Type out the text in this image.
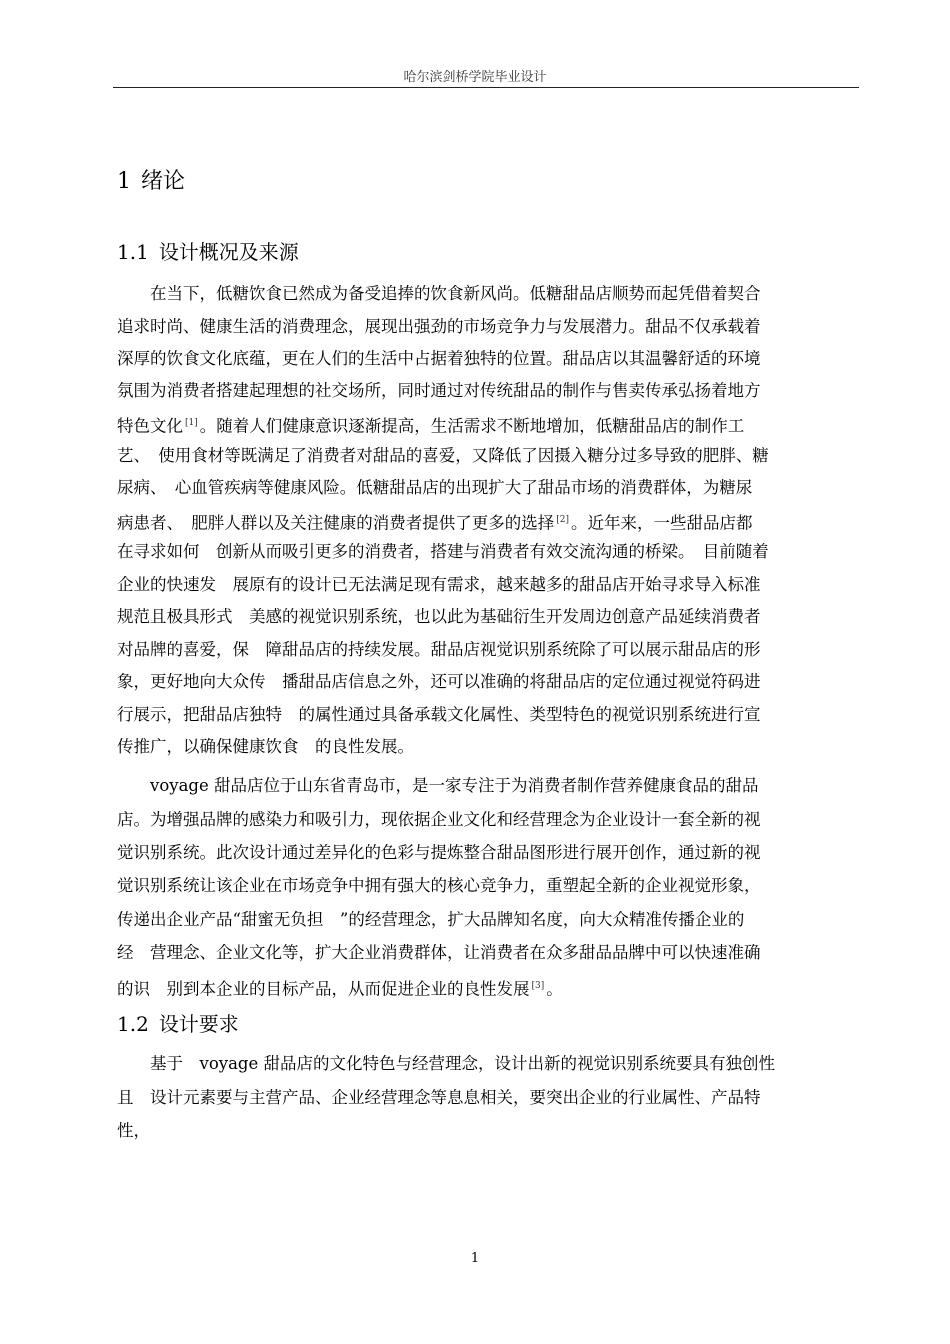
哈尔滨剑桥学院毕业设计
1 绪论
1.1 设计概况及来源
　　在当下，低糖饮食已然成为备受追捧的饮食新风尚。低糖甜品店顺势而起凭借着契合
追求时尚、健康生活的消费理念，展现出强劲的市场竞争力与发展潜力。甜品不仅承载着
深厚的饮食文化底蕴，更在人们的生活中占据着独特的位置。甜品店以其温馨舒适的环境
氛围为消费者搭建起理想的社交场所，同时通过对传统甜品的制作与售卖传承弘扬着地方
特色文化 [1] 。随着人们健康意识逐渐提高，生活需求不断地增加，低糖甜品店的制作工
艺、　使用食材等既满足了消费者对甜品的喜爱，又降低了因摄入糖分过多导致的肥胖、糖
尿病、　心血管疾病等健康风险。低糖甜品店的出现扩大了甜品市场的消费群体，为糖尿
病患者、　肥胖人群以及关注健康的消费者提供了更多的选择 [2] 。近年来，一些甜品店都
在寻求如何　创新从而吸引更多的消费者，搭建与消费者有效交流沟通的桥梁。　目前随着
企业的快速发　展原有的设计已无法满足现有需求，越来越多的甜品店开始寻求导入标准
规范且极具形式　美感的视觉识别系统，也以此为基础衍生开发周边创意产品延续消费者
对品牌的喜爱，保　障甜品店的持续发展。甜品店视觉识别系统除了可以展示甜品店的形
象，更好地向大众传　播甜品店信息之外，还可以准确的将甜品店的定位通过视觉符码进
行展示，把甜品店独特　的属性通过具备承载文化属性、类型特色的视觉识别系统进行宣
传推广，以确保健康饮食　的良性发展。
　　voyage 甜品店位于山东省青岛市，是一家专注于为消费者制作营养健康食品的甜品
店。为增强品牌的感染力和吸引力，现依据企业文化和经营理念为企业设计一套全新的视
觉识别系统。此次设计通过差异化的色彩与提炼整合甜品图形进行展开创作，通过新的视
觉识别系统让该企业在市场竞争中拥有强大的核心竞争力，重塑起全新的企业视觉形象，
传递出企业产品“甜蜜无负担　”的经营理念，扩大品牌知名度，向大众精准传播企业的
经　营理念、企业文化等，扩大企业消费群体，让消费者在众多甜品品牌中可以快速准确
的识　别到本企业的目标产品，从而促进企业的良性发展 [3] 。
1.2 设计要求
　　基于　voyage 甜品店的文化特色与经营理念，设计出新的视觉识别系统要具有独创性
且　设计元素要与主营产品、企业经营理念等息息相关，要突出企业的行业属性、产品特
性，
1
